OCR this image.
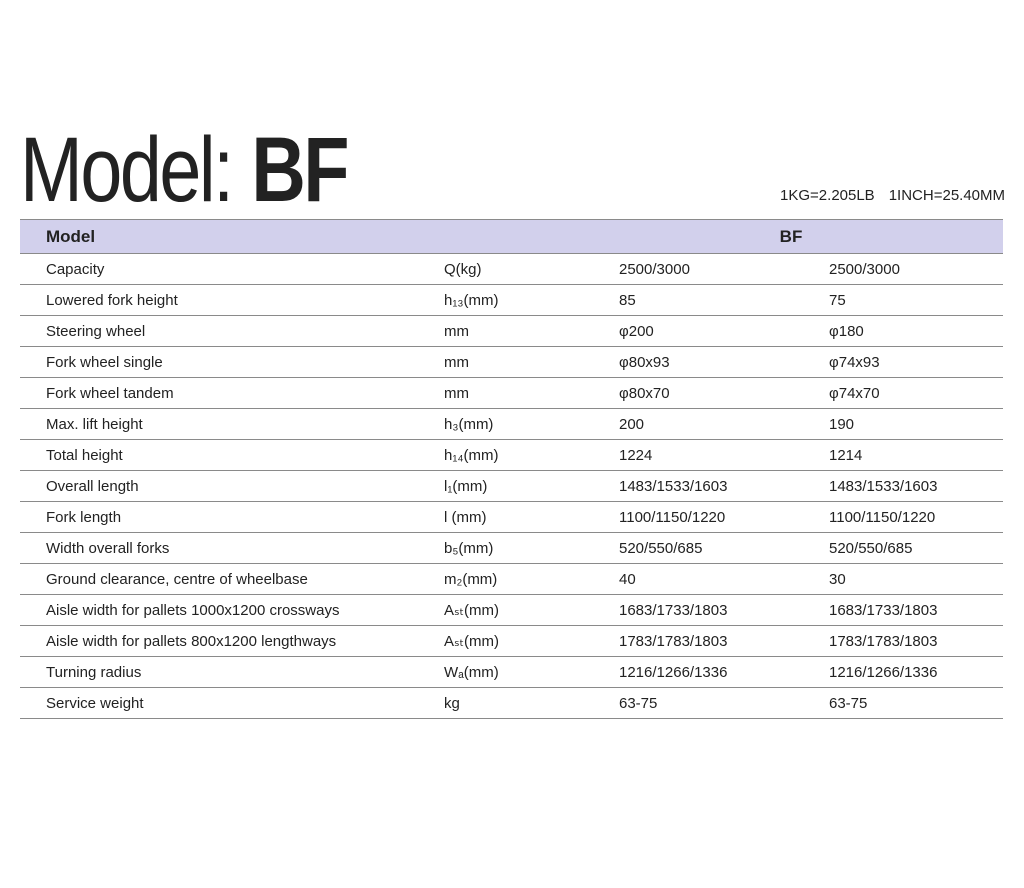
Model: BF	1KG=2.205LB 1INCH=25.40MM
Model		BF	
Capacity	Q(kg)	2500/3000	2500/3000
Lowered fork height	h₁₃(mm)	85	75
Steering wheel	mm	φ200	φ180
Fork wheel single	mm	φ80x93	φ74x93
Fork wheel tandem	mm	φ80x70	φ74x70
Max. lift height	h₃(mm)	200	190
Total height	h₁₄(mm)	1224	1214
Overall length	l₁(mm)	1483/1533/1603	1483/1533/1603
Fork length	l (mm)	1100/1150/1220	1100/1150/1220
Width overall forks	b₅(mm)	520/550/685	520/550/685
Ground clearance, centre of wheelbase	m₂(mm)	40	30
Aisle width for pallets 1000x1200 crossways	Aₛₜ(mm)	1683/1733/1803	1683/1733/1803
Aisle width for pallets 800x1200 lengthways	Aₛₜ(mm)	1783/1783/1803	1783/1783/1803
Turning radius	Wₐ(mm)	1216/1266/1336	1216/1266/1336
Service weight	kg	63-75	63-75
